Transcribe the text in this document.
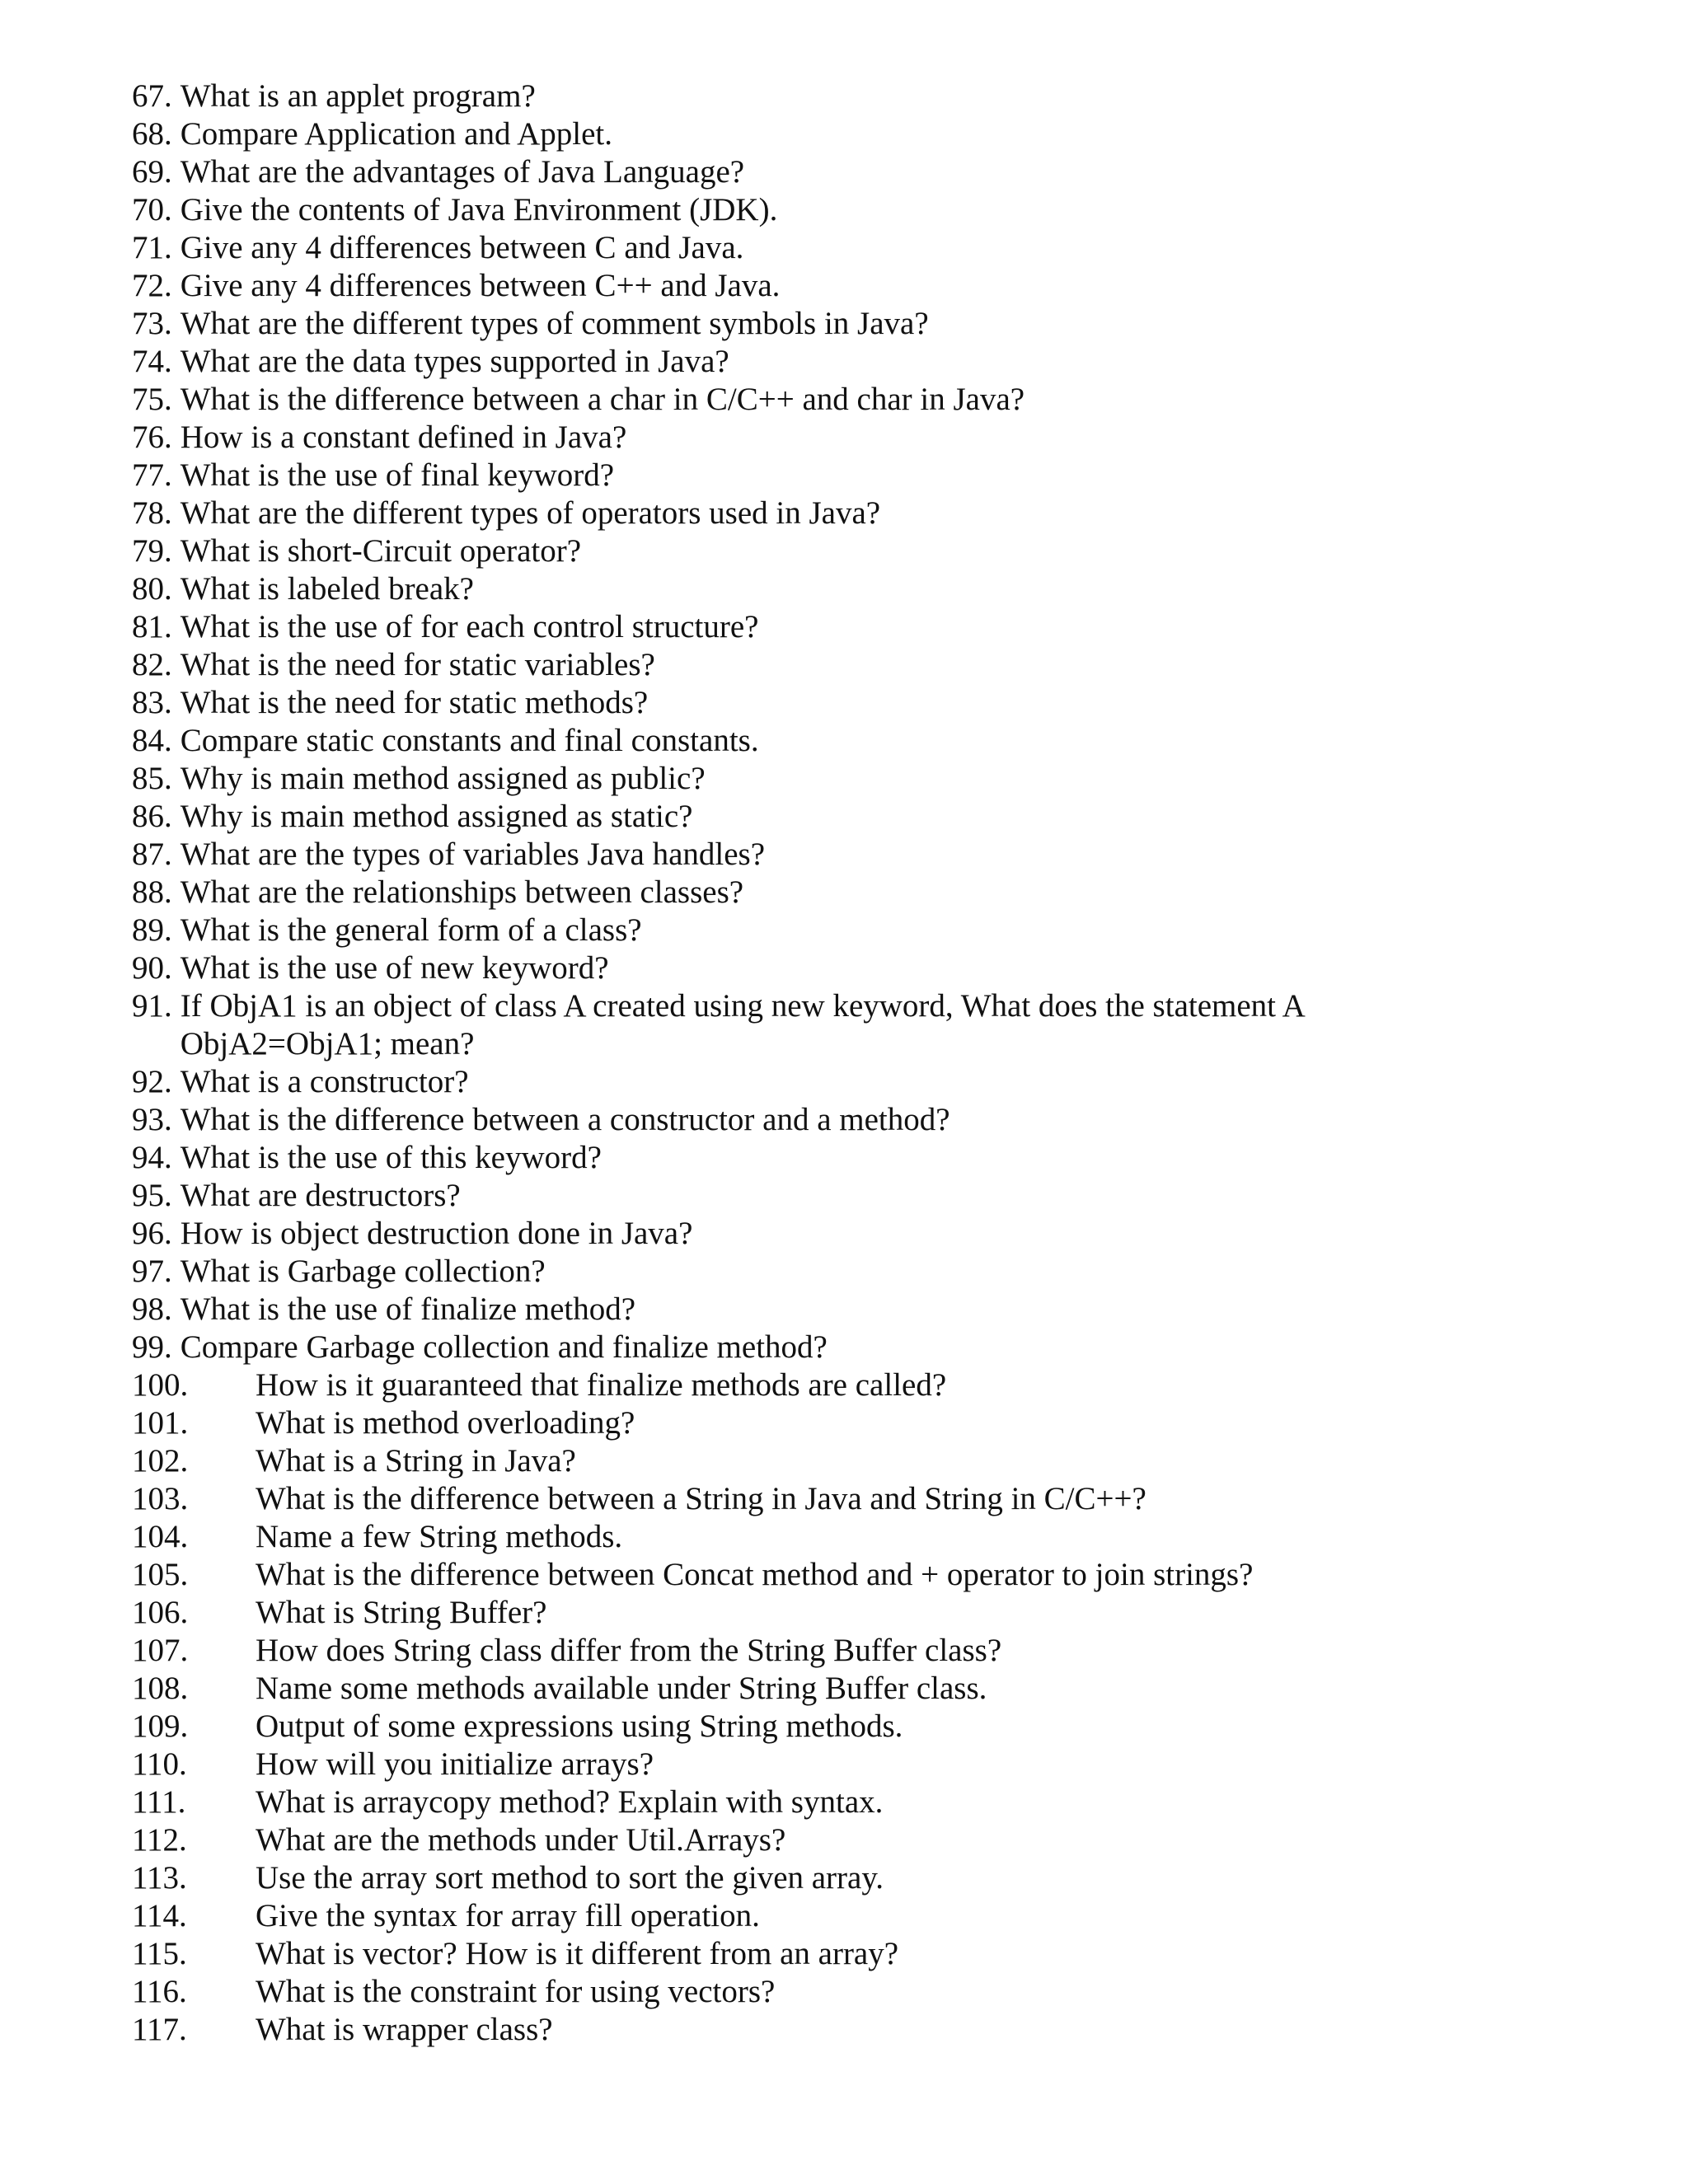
67. What is an applet program?
68. Compare Application and Applet.
69. What are the advantages of Java Language?
70. Give the contents of Java Environment (JDK).
71. Give any 4 differences between C and Java.
72. Give any 4 differences between C++ and Java.
73. What are the different types of comment symbols in Java?
74. What are the data types supported in Java?
75. What is the difference between a char in C/C++ and char in Java?
76. How is a constant defined in Java?
77. What is the use of final keyword?
78. What are the different types of operators used in Java?
79. What is short-Circuit operator?
80. What is labeled break?
81. What is the use of for each control structure?
82. What is the need for static variables?
83. What is the need for static methods?
84. Compare static constants and final constants.
85. Why is main method assigned as public?
86. Why is main method assigned as static?
87. What are the types of variables Java handles?
88. What are the relationships between classes?
89. What is the general form of a class?
90. What is the use of new keyword?
91. If ObjA1 is an object of class A created using new keyword, What does the statement A ObjA2=ObjA1; mean?
92. What is a constructor?
93. What is the difference between a constructor and a method?
94. What is the use of this keyword?
95. What are destructors?
96. How is object destruction done in Java?
97. What is Garbage collection?
98. What is the use of finalize method?
99. Compare Garbage collection and finalize method?
100.	How is it guaranteed that finalize methods are called?
101.	What is method overloading?
102.	What is a String in Java?
103.	What is the difference between a String in Java and String in C/C++?
104.	Name a few String methods.
105.	What is the difference between Concat method and + operator to join strings?
106.	What is String Buffer?
107.	How does String class differ from the String Buffer class?
108.	Name some methods available under String Buffer class.
109.	Output of some expressions using String methods.
110.	How will you initialize arrays?
111.	What is arraycopy method? Explain with syntax.
112.	What are the methods under Util.Arrays?
113.	Use the array sort method to sort the given array.
114.	Give the syntax for array fill operation.
115.	What is vector? How is it different from an array?
116.	What is the constraint for using vectors?
117.	What is wrapper class?
